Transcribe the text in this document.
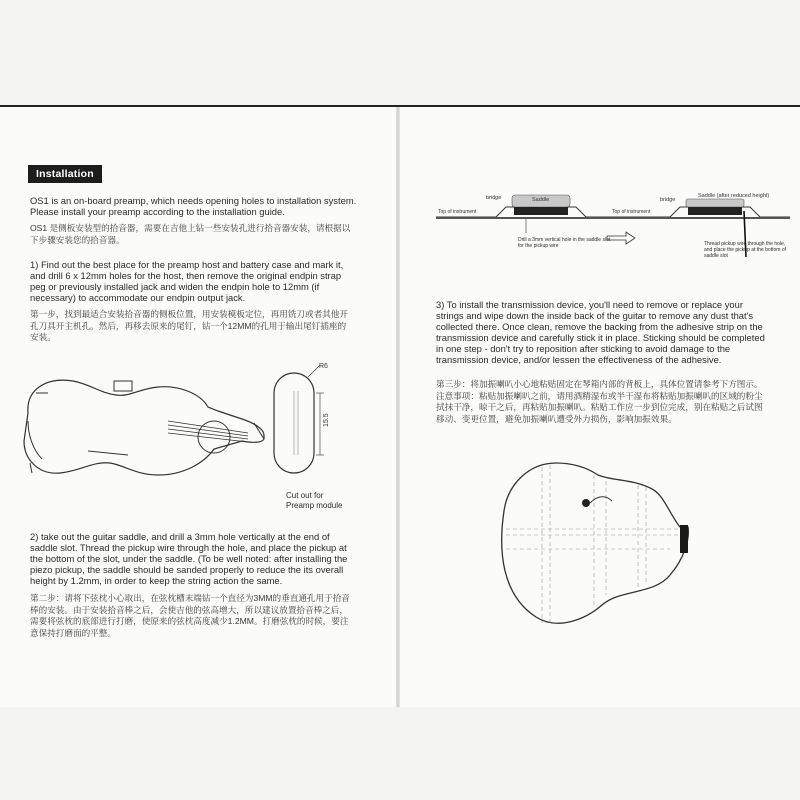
Installation

OS1 is an on-board preamp, which needs opening holes to installation system.
Please install your preamp according to the installation guide.

OS1 是侧板安装型的拾音器，需要在吉他上钻一些安装孔进行拾音器安装，请根据以
下步骤安装您的拾音器。

1) Find out the best place for the preamp host and battery case and mark it,
and drill 6 x 12mm holes for the host, then remove the original endpin strap
peg or previously installed jack and widen the endpin hole to 12mm (if
necessary) to accommodate our endpin output jack.

第一步，找到最适合安装拾音器的侧板位置，用安装模板定位，再用铣刀或者其他开
孔刀具开主机孔。然后，再移去原来的尾钉，钻一个12MM的孔用于输出尾钉插座的
安装。

R6
15.5

Cut out for
Preamp module

2) take out the guitar saddle, and drill a 3mm hole vertically at the end of
saddle slot. Thread the pickup wire through the hole, and place the pickup at
the bottom of the slot, under the saddle. (To be well noted: after installing the
piezo pickup, the saddle should be sanded properly to reduce the its overall
height by 1.2mm, in order to keep the string action the same.

第二步：请将下弦枕小心取出，在弦枕槽末端钻一个直径为3MM的垂直通孔用于拾音
棒的安装。由于安装拾音棒之后，会使吉他的弦高增大，所以建议放置拾音棒之后，
需要将弦枕的底部进行打磨，使原来的弦枕高度减少1.2MM。打磨弦枕的时候，要注
意保持打磨面的平整。

Saddle
bridge
Top of instrument

Drill a 3mm vertical hole in the saddle slot
for the pickup wire

Saddle (after reduced height)
bridge
Top of instrument

Thread pickup wire through the hole,
and place the pickup at the bottom of
saddle slot

3) To install the transmission device, you'll need to remove or replace your
strings and wipe down the inside back of the guitar to remove any dust that's
collected there. Once clean, remove the backing from the adhesive strip on the
transmission device and carefully stick it in place. Sticking should be completed
in one step - don't try to reposition after sticking to avoid damage to the
transmission device, and/or lessen the effectiveness of the adhesive.

第三步：将加振喇叭小心地粘贴固定在琴箱内部的背板上，具体位置请参考下方图示。
注意事项：粘贴加振喇叭之前，请用酒精湿布或半干湿布将粘贴加振喇叭的区域的粉尘
拭抹干净，晾干之后，再粘贴加振喇叭。粘贴工作应一步到位完成，别在粘贴之后试图
移动、变更位置，避免加振喇叭遭受外力损伤，影响加振效果。
